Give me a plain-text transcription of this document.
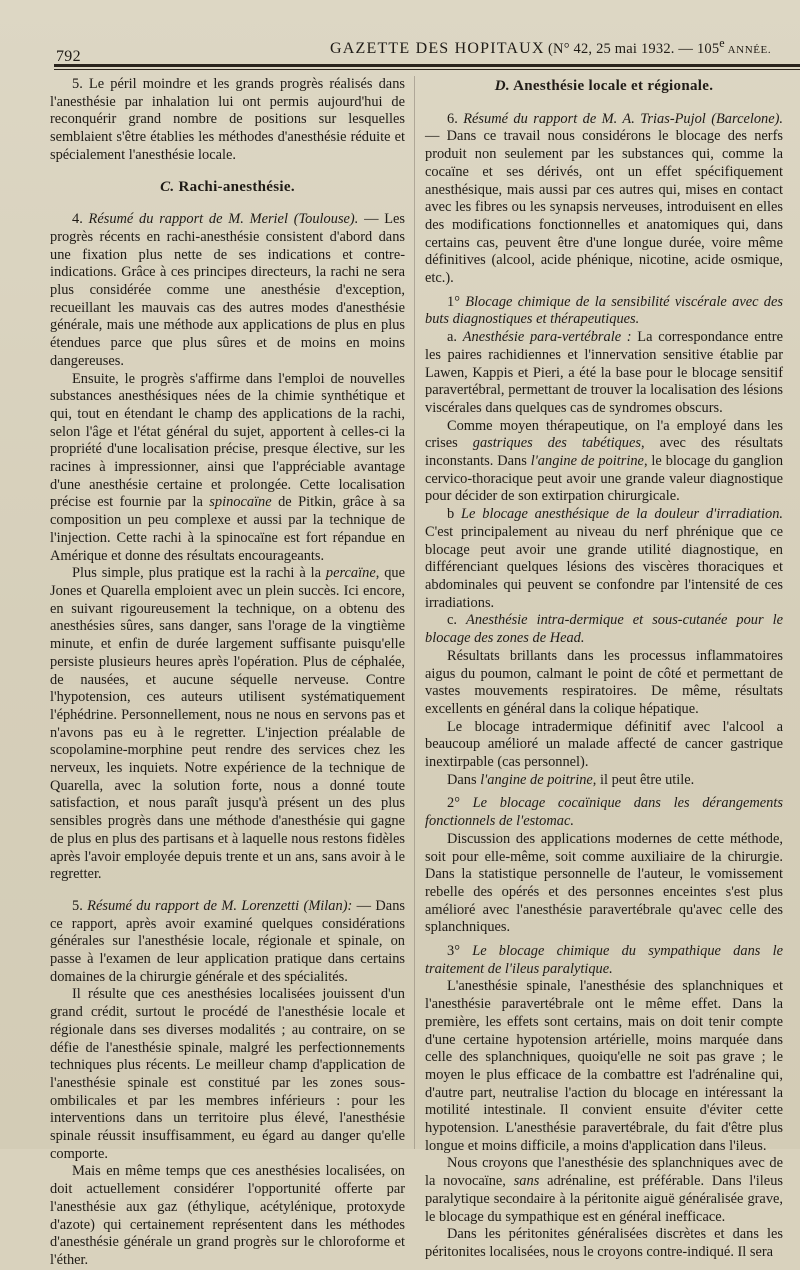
792	GAZETTE DES HOPITAUX (N° 42, 25 mai 1932. — 105e ANNÉE.

5. Le péril moindre et les grands progrès réalisés dans l'anesthésie par inhalation lui ont permis aujourd'hui de reconquérir grand nombre de positions sur lesquelles semblaient s'être établies les méthodes d'anesthésie réduite et spécialement l'anesthésie locale.

C. Rachi-anesthésie.

4. Résumé du rapport de M. Meriel (Toulouse). — Les progrès récents en rachi-anesthésie consistent d'abord dans une fixation plus nette de ses indications et contre-indications. Grâce à ces principes directeurs, la rachi ne sera plus considérée comme une anesthésie d'exception, recueillant les mauvais cas des autres modes d'anesthésie générale, mais une méthode aux applications de plus en plus étendues parce que plus sûres et de moins en moins dangereuses.

Ensuite, le progrès s'affirme dans l'emploi de nouvelles substances anesthésiques nées de la chimie synthétique et qui, tout en étendant le champ des applications de la rachi, selon l'âge et l'état général du sujet, apportent à celles-ci la propriété d'une localisation précise, presque élective, sur les racines à impressionner, ainsi que l'appréciable avantage d'une anesthésie certaine et prolongée. Cette localisation précise est fournie par la spinocaïne de Pitkin, grâce à sa composition un peu complexe et aussi par la technique de l'injection. Cette rachi à la spinocaïne est fort répandue en Amérique et donne des résultats encourageants.

Plus simple, plus pratique est la rachi à la percaïne, que Jones et Quarella emploient avec un plein succès. Ici encore, en suivant rigoureusement la technique, on a obtenu des anesthésies sûres, sans danger, sans l'orage de la vingtième minute, et enfin de durée largement suffisante puisqu'elle persiste plusieurs heures après l'opération. Plus de céphalée, de nausées, et aucune séquelle nerveuse. Contre l'hypotension, ces auteurs utilisent systématiquement l'éphédrine. Personnellement, nous ne nous en servons pas et n'avons pas eu à le regretter. L'injection préalable de scopolamine-morphine peut rendre des services chez les nerveux, les inquiets. Notre expérience de la technique de Quarella, avec la solution forte, nous a donné toute satisfaction, et nous paraît jusqu'à présent un des plus sensibles progrès dans une méthode d'anesthésie qui gagne de plus en plus des partisans et à laquelle nous restons fidèles après l'avoir employée depuis trente et un ans, sans avoir à le regretter.

5. Résumé du rapport de M. Lorenzetti (Milan): — Dans ce rapport, après avoir examiné quelques considérations générales sur l'anesthésie locale, régionale et spinale, on passe à l'examen de leur application pratique dans certains domaines de la chirurgie générale et des spécialités.

Il résulte que ces anesthésies localisées jouissent d'un grand crédit, surtout le procédé de l'anesthésie locale et régionale dans ses diverses modalités ; au contraire, on se défie de l'anesthésie spinale, malgré les perfectionnements techniques plus récents. Le meilleur champ d'application de l'anesthésie spinale est constitué par les zones sous-ombilicales et par les membres inférieurs : pour les interventions dans un territoire plus élevé, l'anesthésie spinale réussit insuffisamment, eu égard au danger qu'elle comporte.

Mais en même temps que ces anesthésies localisées, on doit actuellement considérer l'opportunité offerte par l'anesthésie aux gaz (éthylique, acétylénique, protoxyde d'azote) qui certainement représentent dans les méthodes d'anesthésie générale un grand progrès sur le chloroforme et l'éther.

D. Anesthésie locale et régionale.

6. Résumé du rapport de M. A. Trias-Pujol (Barcelone). — Dans ce travail nous considérons le blocage des nerfs produit non seulement par les substances qui, comme la cocaïne et ses dérivés, ont un effet spécifiquement anesthésique, mais aussi par ces autres qui, mises en contact avec les fibres ou les synapsis nerveuses, introduisent en elles des modifications fonctionnelles et anatomiques qui, dans certains cas, peuvent être d'une longue durée, voire même définitives (alcool, acide phénique, nicotine, acide osmique, etc.).

1° Blocage chimique de la sensibilité viscérale avec des buts diagnostiques et thérapeutiques.

a. Anesthésie para-vertébrale : La correspondance entre les paires rachidiennes et l'innervation sensitive établie par Lawen, Kappis et Pieri, a été la base pour le blocage sensitif paravertébral, permettant de trouver la localisation des lésions viscérales dans quelques cas de syndromes obscurs.

Comme moyen thérapeutique, on l'a employé dans les crises gastriques des tabétiques, avec des résultats inconstants. Dans l'angine de poitrine, le blocage du ganglion cervico-thoracique peut avoir une grande valeur diagnostique pour décider de son extirpation chirurgicale.

b Le blocage anesthésique de la douleur d'irradiation. C'est principalement au niveau du nerf phrénique que ce blocage peut avoir une grande utilité diagnostique, en différenciant quelques lésions des viscères thoraciques et abdominales qui peuvent se confondre par l'intensité de ces irradiations.

c. Anesthésie intra-dermique et sous-cutanée pour le blocage des zones de Head.

Résultats brillants dans les processus inflammatoires aigus du poumon, calmant le point de côté et permettant de vastes mouvements respiratoires. De même, résultats excellents en général dans la colique hépatique.

Le blocage intradermique définitif avec l'alcool a beaucoup amélioré un malade affecté de cancer gastrique inextirpable (cas personnel).

Dans l'angine de poitrine, il peut être utile.

2° Le blocage cocaïnique dans les dérangements fonctionnels de l'estomac.

Discussion des applications modernes de cette méthode, soit pour elle-même, soit comme auxiliaire de la chirurgie. Dans la statistique personnelle de l'auteur, le vomissement rebelle des opérés et des personnes enceintes s'est plus amélioré avec l'anesthésie paravertébrale qu'avec celle des splanchniques.

3° Le blocage chimique du sympathique dans le traitement de l'ileus paralytique.

L'anesthésie spinale, l'anesthésie des splanchniques et l'anesthésie paravertébrale ont le même effet. Dans la première, les effets sont certains, mais on doit tenir compte d'une certaine hypotension artérielle, moins marquée dans celle des splanchniques, quoiqu'elle ne soit pas grave ; le moyen le plus efficace de la combattre est l'adrénaline qui, d'autre part, neutralise l'action du blocage en intéressant la motilité intestinale. Il convient ensuite d'éviter cette hypotension. L'anesthésie paravertébrale, du fait d'être plus longue et moins difficile, a moins d'application dans l'ileus.

Nous croyons que l'anesthésie des splanchniques avec de la novocaïne, sans adrénaline, est préférable. Dans l'ileus paralytique secondaire à la péritonite aiguë généralisée grave, le blocage du sympathique est en général inefficace.

Dans les péritonites généralisées discrètes et dans les péritonites localisées, nous le croyons contre-indiqué. Il sera
